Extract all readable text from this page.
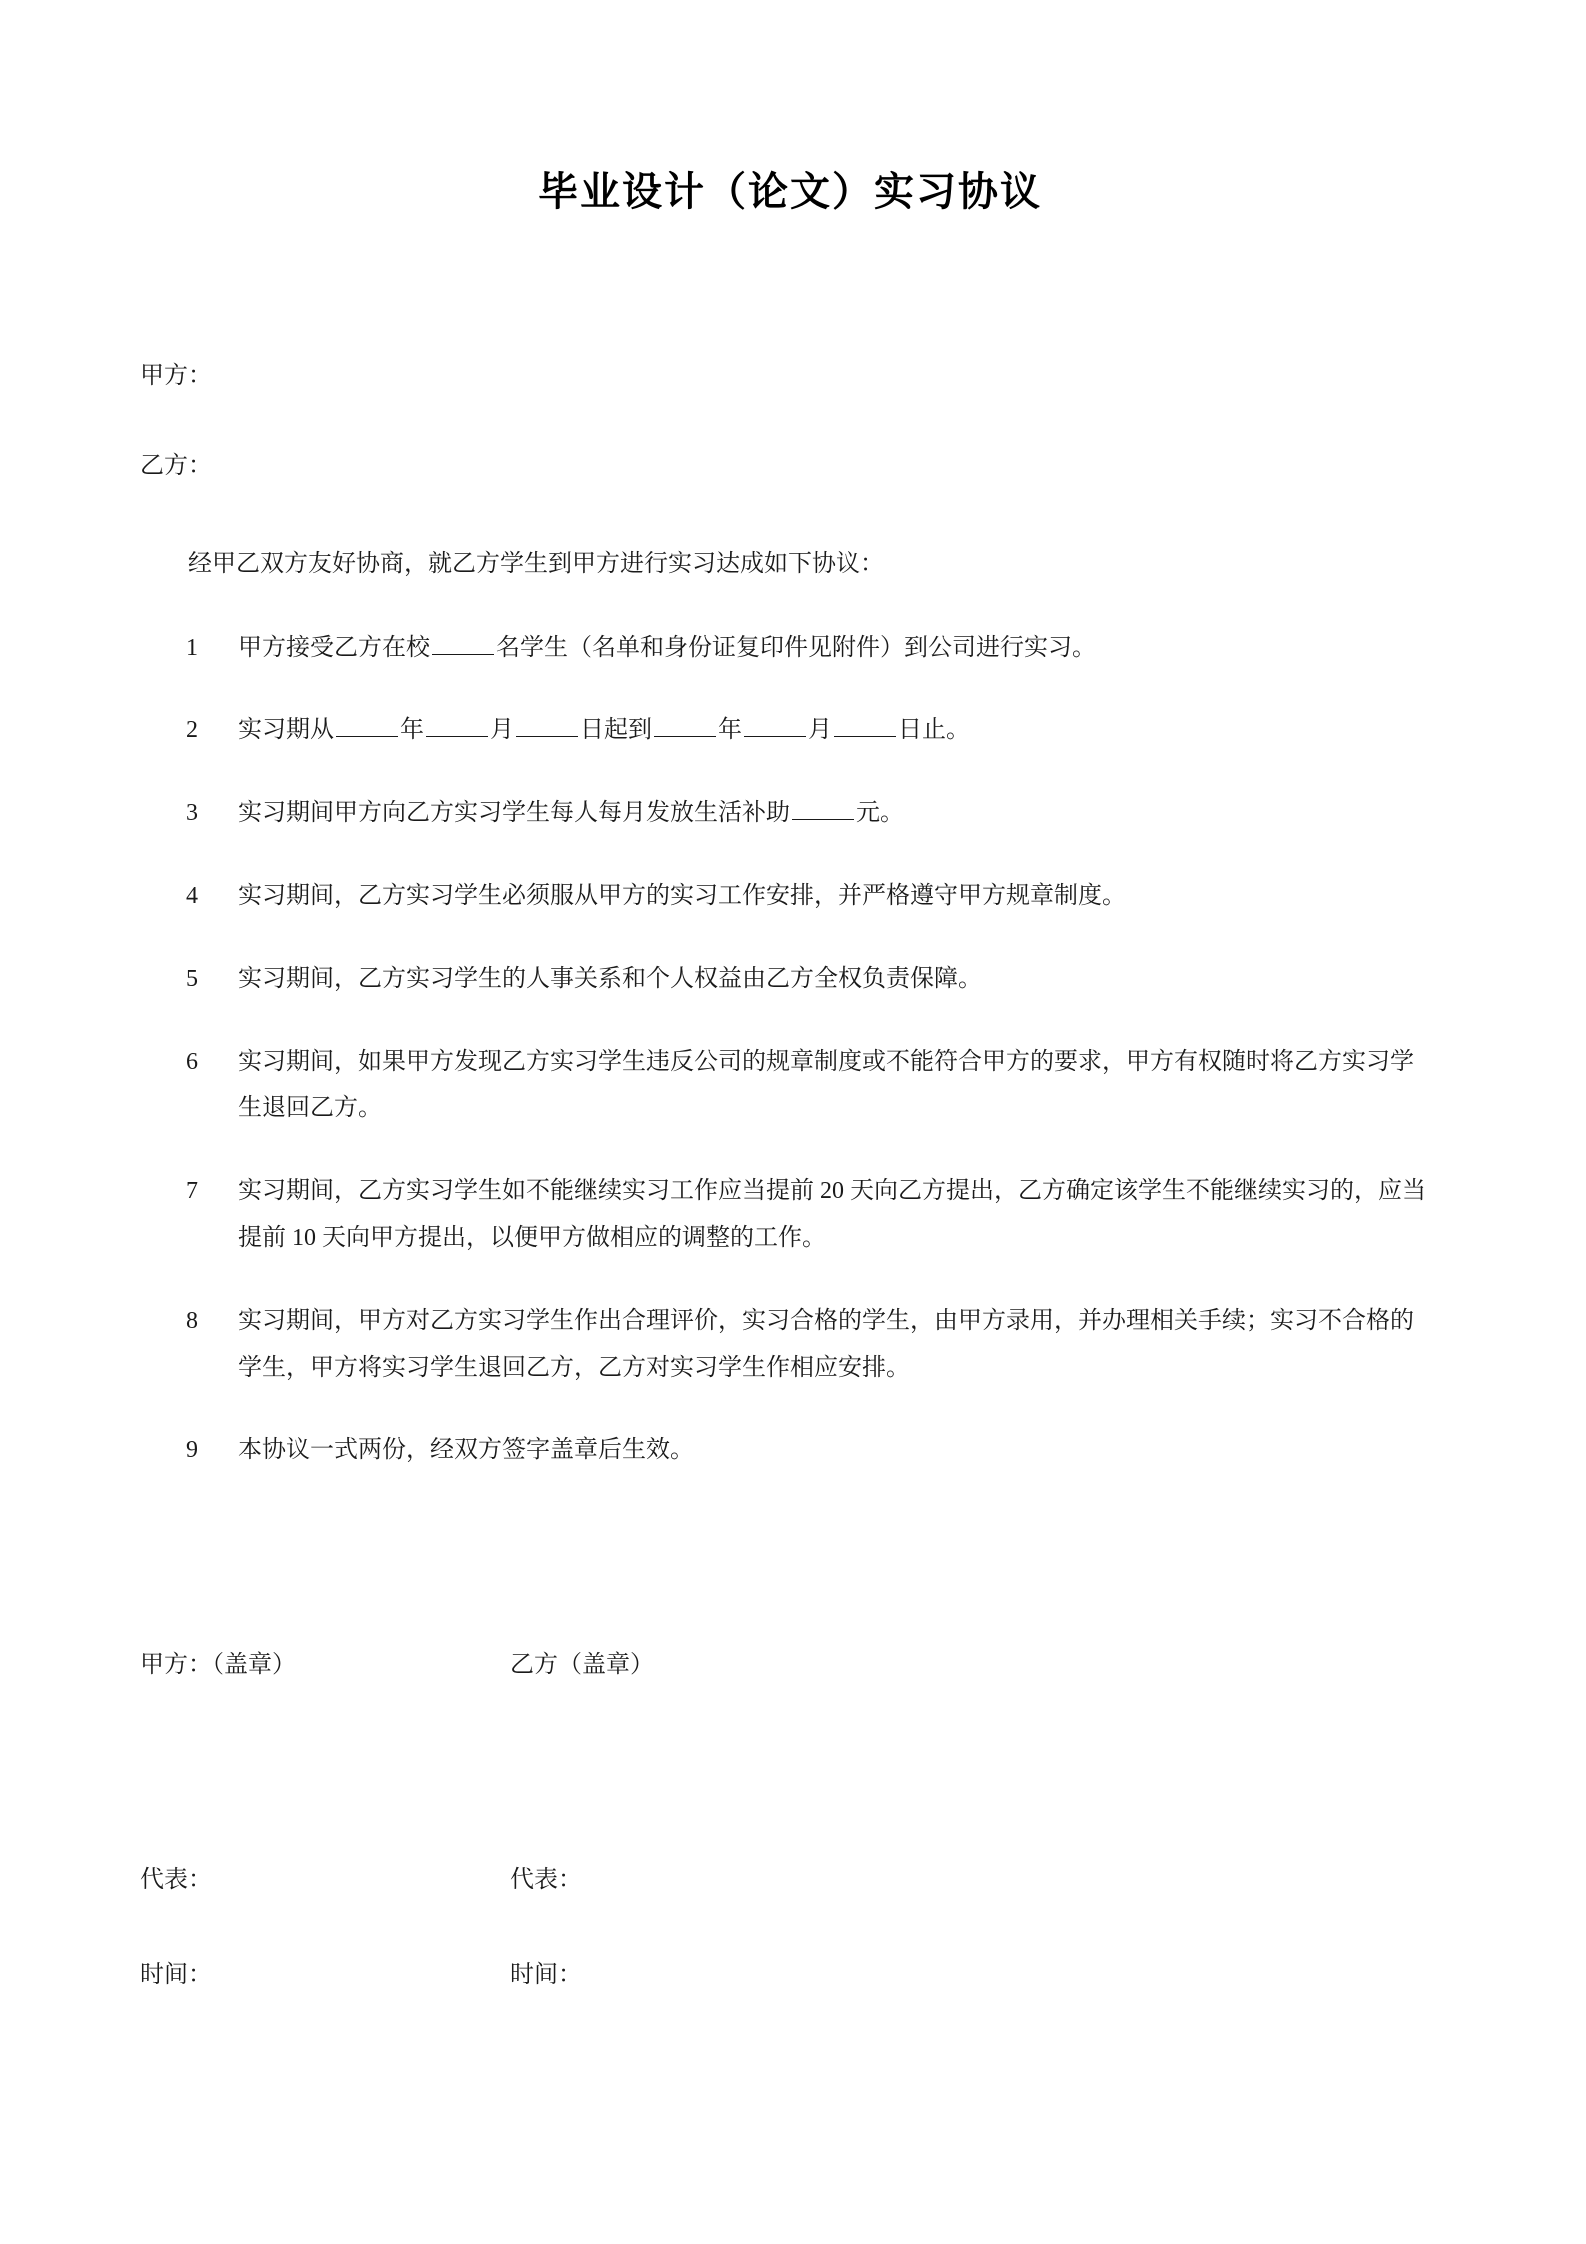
毕业设计（论文）实习协议
甲方：
乙方：
经甲乙双方友好协商，就乙方学生到甲方进行实习达成如下协议：
1	甲方接受乙方在校	名学生（名单和身份证复印件见附件）到公司进行实习。
2	实习期从	年	月	日起到	年	月	日止。
3	实习期间甲方向乙方实习学生每人每月发放生活补助	元。
4	实习期间，乙方实习学生必须服从甲方的实习工作安排，并严格遵守甲方规章制度。
5	实习期间，乙方实习学生的人事关系和个人权益由乙方全权负责保障。
6	实习期间，如果甲方发现乙方实习学生违反公司的规章制度或不能符合甲方的要求，甲方有权随时将乙方实习学生退回乙方。
7	实习期间，乙方实习学生如不能继续实习工作应当提前 20 天向乙方提出，乙方确定该学生不能继续实习的，应当提前 10 天向甲方提出，以便甲方做相应的调整的工作。
8	实习期间，甲方对乙方实习学生作出合理评价，实习合格的学生，由甲方录用，并办理相关手续；实习不合格的学生，甲方将实习学生退回乙方，乙方对实习学生作相应安排。
9	本协议一式两份，经双方签字盖章后生效。
甲方：（盖章）	乙方（盖章）
代表：	代表：
时间：	时间：
